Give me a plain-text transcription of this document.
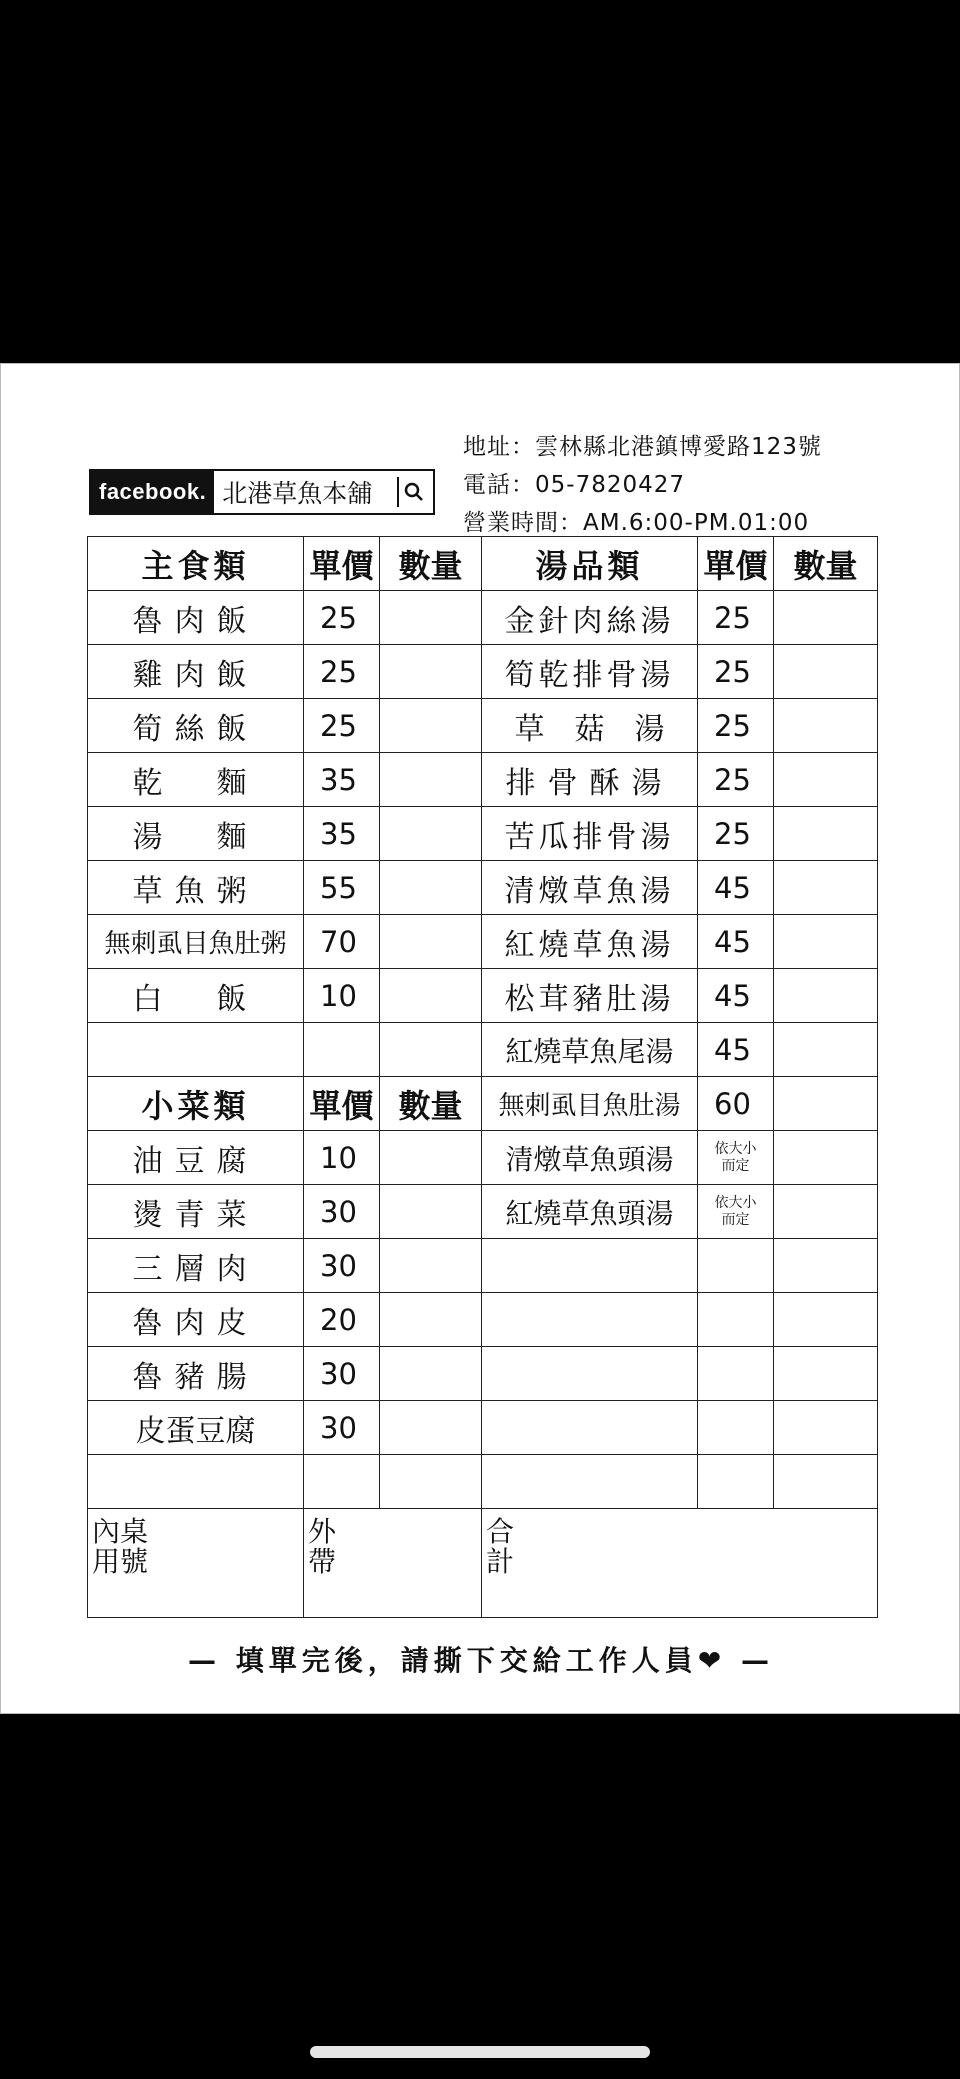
facebook. 北港草魚本舖
地址：雲林縣北港鎮博愛路123號
電話：05-7820427
營業時間：AM.6:00-PM.01:00
主食類	單價	數量	湯品類	單價	數量
魯肉飯	25		金針肉絲湯	25	
雞肉飯	25		筍乾排骨湯	25	
筍絲飯	25		草　菇　湯	25	
乾　麵	35		排骨酥湯	25	
湯　麵	35		苦瓜排骨湯	25	
草魚粥	55		清燉草魚湯	45	
無刺虱目魚肚粥	70		紅燒草魚湯	45	
白　飯	10		松茸豬肚湯	45	
			紅燒草魚尾湯	45	
小菜類	單價	數量	無刺虱目魚肚湯	60	
油豆腐	10		清燉草魚頭湯	依大小而定	

燙青菜	30		紅燒草魚頭湯	依大小而定	

三層肉	30				
魯肉皮	20				
魯豬腸	30				
皮蛋豆腐	30				

內桌用號	外帶		合計		
— 填單完後，請撕下交給工作人員❤ —
